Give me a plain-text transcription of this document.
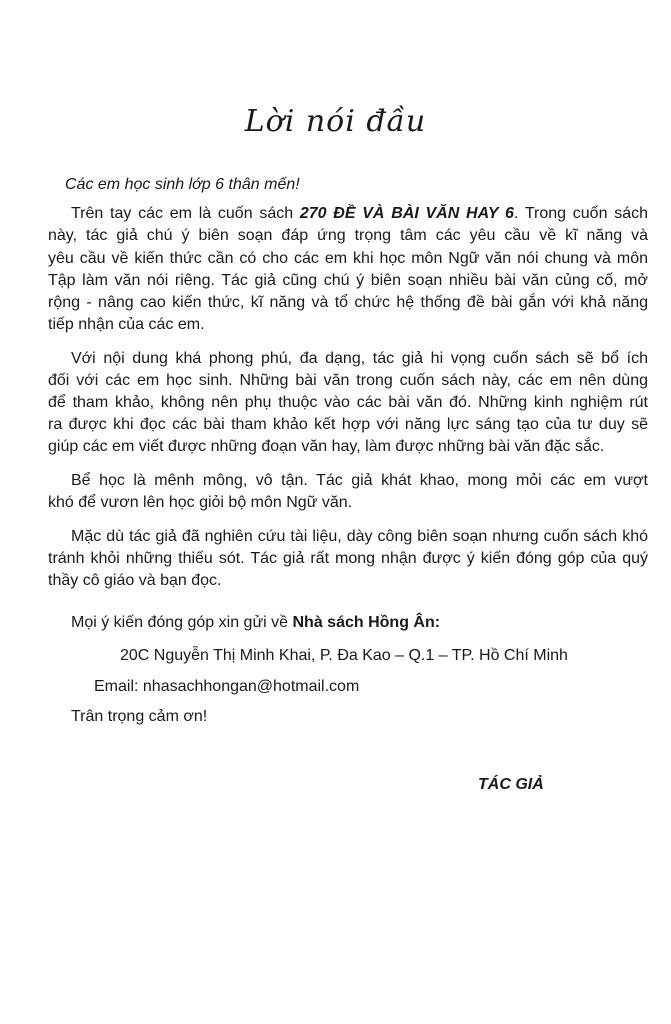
Lời nói đầu
Các em học sinh lớp 6 thân mến!
Trên tay các em là cuốn sách 270 ĐỀ VÀ BÀI VĂN HAY 6. Trong cuốn sách
này, tác giả chú ý biên soạn đáp ứng trọng tâm các yêu cầu về kĩ năng và
yêu cầu về kiến thức cần có cho các em khi học môn Ngữ văn nói chung và môn
Tập làm văn nói riêng. Tác giả cũng chú ý biên soạn nhiều bài văn củng cố, mở
rộng - nâng cao kiến thức, kĩ năng và tổ chức hệ thống đề bài gắn với khả năng
tiếp nhận của các em.
Với nội dung khá phong phú, đa dạng, tác giả hi vọng cuốn sách sẽ bổ ích
đối với các em học sinh. Những bài văn trong cuốn sách này, các em nên dùng
để tham khảo, không nên phụ thuộc vào các bài văn đó. Những kinh nghiệm rút
ra được khi đọc các bài tham khảo kết hợp với năng lực sáng tạo của tư duy sẽ
giúp các em viết được những đoạn văn hay, làm được những bài văn đặc sắc.
Bể học là mênh mông, vô tận. Tác giả khát khao, mong mỏi các em vượt
khó để vươn lên học giỏi bộ môn Ngữ văn.
Mặc dù tác giả đã nghiên cứu tài liệu, dày công biên soạn nhưng cuốn sách khó
tránh khỏi những thiếu sót. Tác giả rất mong nhận được ý kiến đóng góp của quý
thầy cô giáo và bạn đọc.
Mọi ý kiến đóng góp xin gửi về Nhà sách Hồng Ân:
20C Nguyễn Thị Minh Khai, P. Đa Kao – Q.1 – TP. Hồ Chí Minh
Email: nhasachhongan@hotmail.com
Trân trọng cảm ơn!
TÁC GIẢ
